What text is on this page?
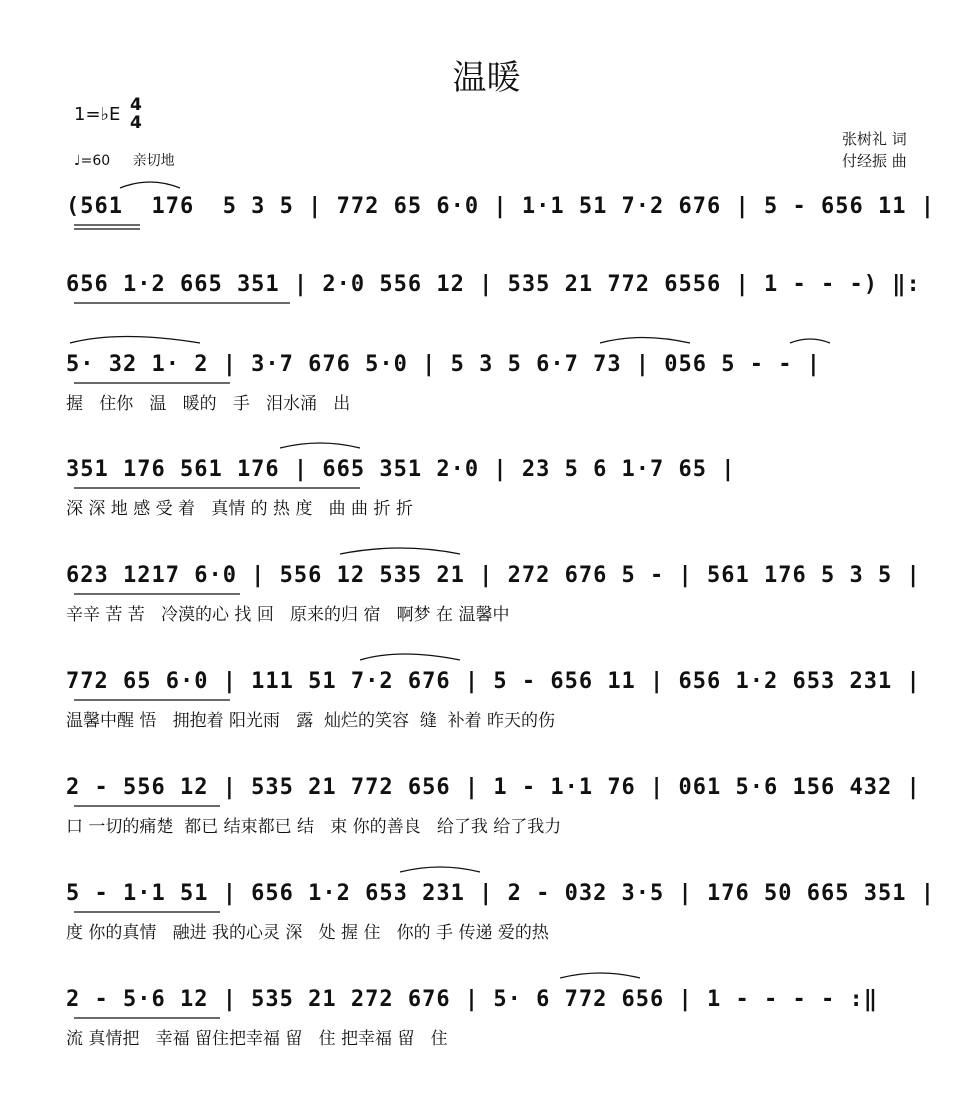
温暖
1=♭E 4
4
♩=60 亲切地
张树礼 词
付经振 曲
(561  176  5 3 5 | 772 65 6·0 | 1·1 51 7·2 676 | 5 - 656 11 |
656 1·2 665 351 | 2·0 556 12 | 535 21 772 6556 | 1 - - -) ‖:
5· 32 1· 2 | 3·7 676 5·0 | 5 3 5 6·7 73 | 056 5 - - |
握   住你   温   暖的   手   泪水涌   出
351 176 561 176 | 665 351 2·0 | 23 5 6 1·7 65 |
深 深 地 感 受 着   真情 的 热 度   曲 曲 折 折
623 1217 6·0 | 556 12 535 21 | 272 676 5 - | 561 176 5 3 5 |
辛辛 苦 苦   冷漠的心 找 回   原来的归 宿   啊梦 在 温馨中
772 65 6·0 | 111 51 7·2 676 | 5 - 656 11 | 656 1·2 653 231 |
温馨中醒 悟   拥抱着 阳光雨   露  灿烂的笑容  缝  补着 昨天的伤
2 - 556 12 | 535 21 772 656 | 1 - 1·1 76 | 061 5·6 156 432 |
口 一切的痛楚  都已 结束都已 结   束 你的善良   给了我 给了我力
5 - 1·1 51 | 656 1·2 653 231 | 2 - 032 3·5 | 176 50 665 351 |
度 你的真情   融进 我的心灵 深   处 握 住   你的 手 传递 爱的热
2 - 5·6 12 | 535 21 272 676 | 5· 6 772 656 | 1 - - - - :‖
流 真情把   幸福 留住把幸福 留   住 把幸福 留   住
